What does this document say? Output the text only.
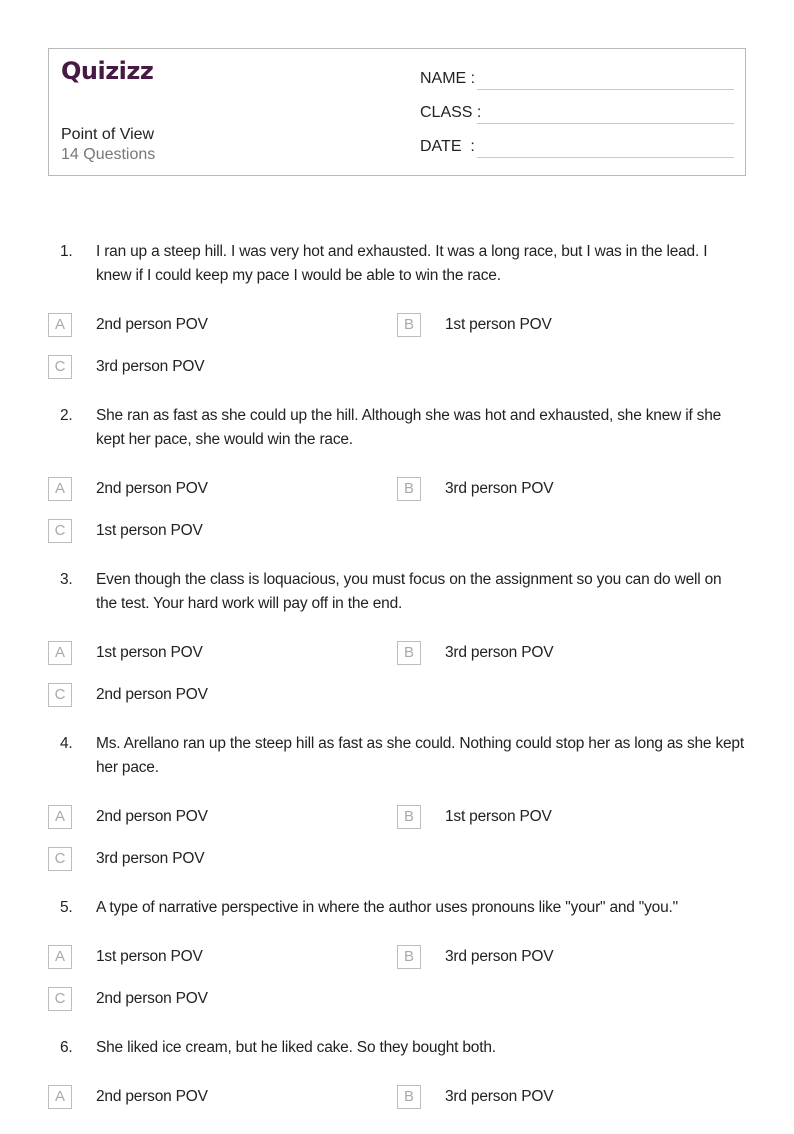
Quizizz
Point of View
14 Questions
NAME :
CLASS :
DATE  :
1. I ran up a steep hill. I was very hot and exhausted. It was a long race, but I was in the lead. I knew if I could keep my pace I would be able to win the race.
A	2nd person POV	B	1st person POV
C	3rd person POV
2. She ran as fast as she could up the hill. Although she was hot and exhausted, she knew if she kept her pace, she would win the race.
A	2nd person POV	B	3rd person POV
C	1st person POV
3. Even though the class is loquacious, you must focus on the assignment so you can do well on the test. Your hard work will pay off in the end.
A	1st person POV	B	3rd person POV
C	2nd person POV
4. Ms. Arellano ran up the steep hill as fast as she could. Nothing could stop her as long as she kept her pace.
A	2nd person POV	B	1st person POV
C	3rd person POV
5. A type of narrative perspective in where the author uses pronouns like ''your" and "you."
A	1st person POV	B	3rd person POV
C	2nd person POV
6. She liked ice cream, but he liked cake. So they bought both.
A	2nd person POV	B	3rd person POV
